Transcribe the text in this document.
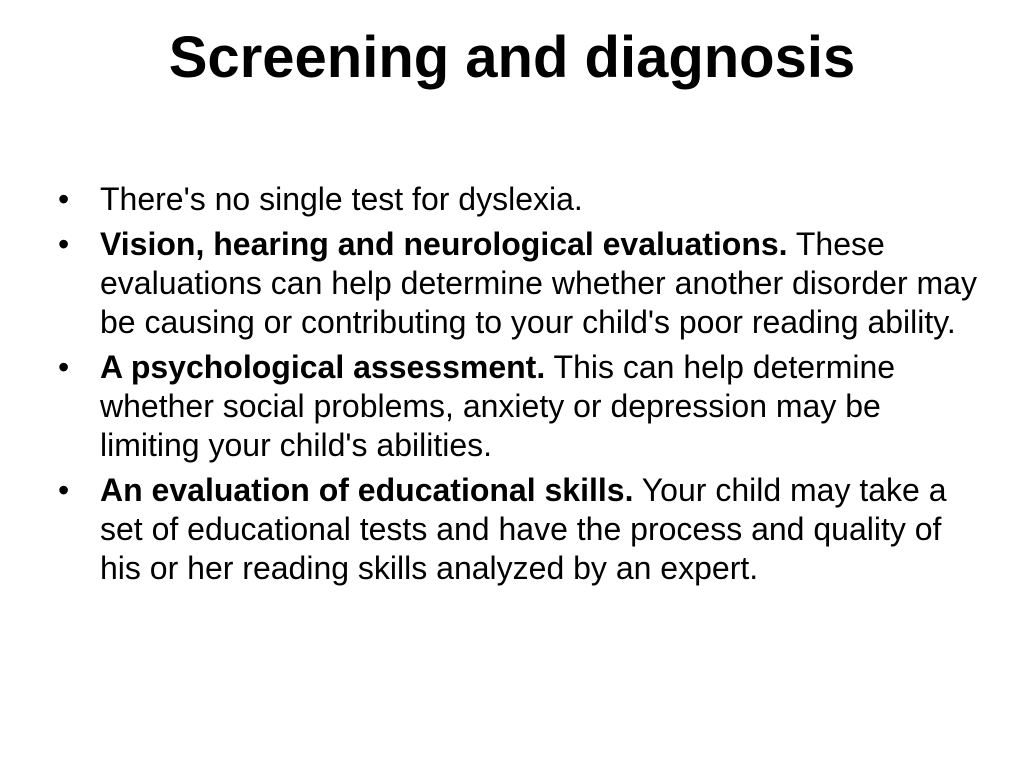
Screening and diagnosis
• There's no single test for dyslexia.
• Vision, hearing and neurological evaluations. These evaluations can help determine whether another disorder may be causing or contributing to your child's poor reading ability.
• A psychological assessment. This can help determine whether social problems, anxiety or depression may be limiting your child's abilities.
• An evaluation of educational skills. Your child may take a set of educational tests and have the process and quality of his or her reading skills analyzed by an expert.
